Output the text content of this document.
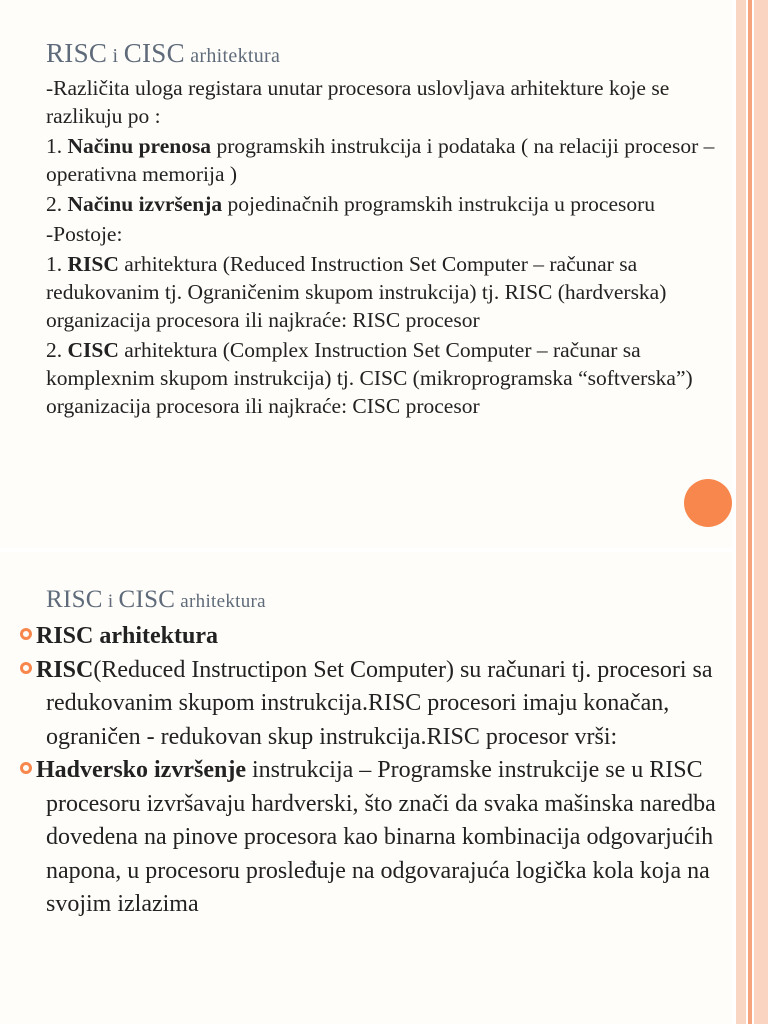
RISC i CISC arhitektura

-Različita uloga registara unutar procesora uslovljava arhitekture koje se razlikuju po :

1. Načinu prenosa programskih instrukcija i podataka ( na relaciji procesor – operativna memorija )

2. Načinu izvršenja pojedinačnih programskih instrukcija u procesoru

-Postoje:

1. RISC arhitektura (Reduced Instruction Set Computer – računar sa redukovanim tj. Ograničenim skupom instrukcija) tj. RISC (hardverska) organizacija procesora ili najkraće: RISC procesor

2. CISC arhitektura (Complex Instruction Set Computer – računar sa komplexnim skupom instrukcija) tj. CISC (mikroprogramska “softverska”) organizacija procesora ili najkraće: CISC procesor

RISC i CISC arhitektura

RISC arhitektura

RISC(Reduced Instructipon Set Computer) su računari tj. procesori sa redukovanim skupom instrukcija.RISC procesori imaju konačan, ograničen - redukovan skup instrukcija.RISC procesor vrši:

Hadversko izvršenje instrukcija – Programske instrukcije se u RISC procesoru izvršavaju hardverski, što znači da svaka mašinska naredba dovedena na pinove procesora kao binarna kombinacija odgovarjućih napona, u procesoru prosleđuje na odgovarajuća logička kola koja na svojim izlazima
